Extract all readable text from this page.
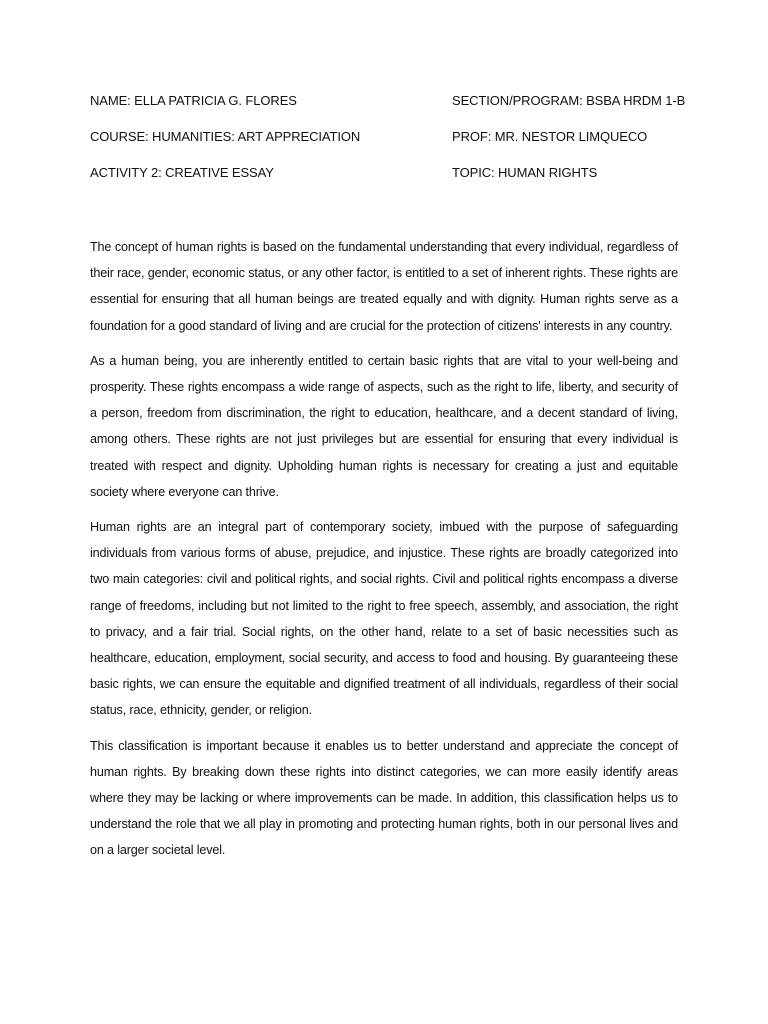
NAME: ELLA PATRICIA G. FLORES	SECTION/PROGRAM: BSBA HRDM 1-B
COURSE: HUMANITIES: ART APPRECIATION	PROF: MR. NESTOR LIMQUECO
ACTIVITY 2: CREATIVE ESSAY	TOPIC: HUMAN RIGHTS

The concept of human rights is based on the fundamental understanding that every individual, regardless of their race, gender, economic status, or any other factor, is entitled to a set of inherent rights. These rights are essential for ensuring that all human beings are treated equally and with dignity. Human rights serve as a foundation for a good standard of living and are crucial for the protection of citizens' interests in any country.

As a human being, you are inherently entitled to certain basic rights that are vital to your well-being and prosperity. These rights encompass a wide range of aspects, such as the right to life, liberty, and security of a person, freedom from discrimination, the right to education, healthcare, and a decent standard of living, among others. These rights are not just privileges but are essential for ensuring that every individual is treated with respect and dignity. Upholding human rights is necessary for creating a just and equitable society where everyone can thrive.

Human rights are an integral part of contemporary society, imbued with the purpose of safeguarding individuals from various forms of abuse, prejudice, and injustice. These rights are broadly categorized into two main categories: civil and political rights, and social rights. Civil and political rights encompass a diverse range of freedoms, including but not limited to the right to free speech, assembly, and association, the right to privacy, and a fair trial. Social rights, on the other hand, relate to a set of basic necessities such as healthcare, education, employment, social security, and access to food and housing. By guaranteeing these basic rights, we can ensure the equitable and dignified treatment of all individuals, regardless of their social status, race, ethnicity, gender, or religion.

This classification is important because it enables us to better understand and appreciate the concept of human rights. By breaking down these rights into distinct categories, we can more easily identify areas where they may be lacking or where improvements can be made. In addition, this classification helps us to understand the role that we all play in promoting and protecting human rights, both in our personal lives and on a larger societal level.
